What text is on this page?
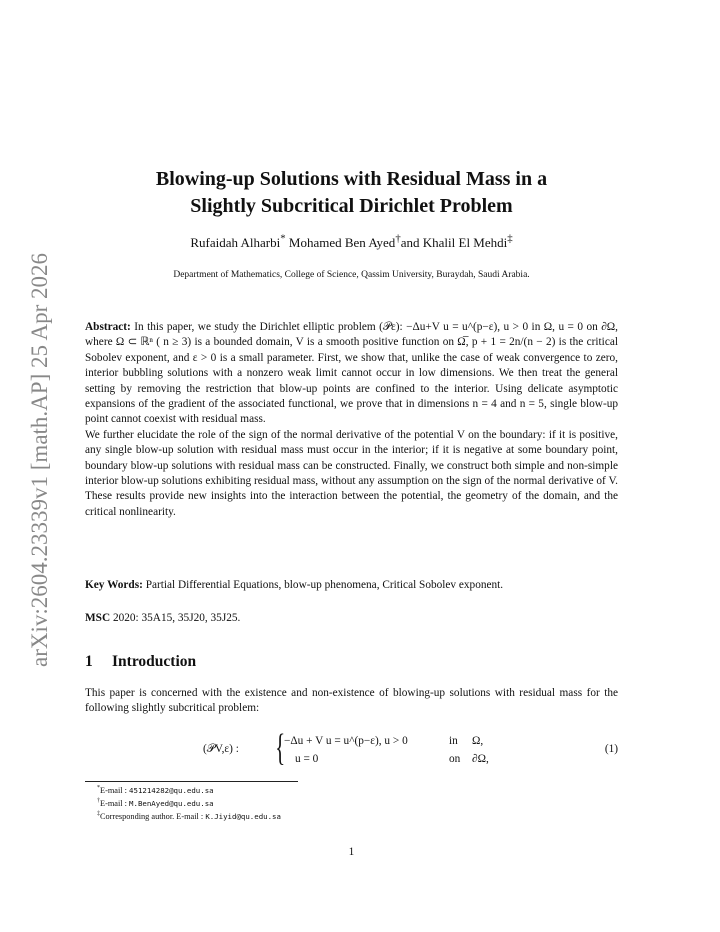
arXiv:2604.23339v1 [math.AP] 25 Apr 2026
Blowing-up Solutions with Residual Mass in a
Slightly Subcritical Dirichlet Problem
Rufaidah Alharbi* Mohamed Ben Ayed†and Khalil El Mehdi‡
Department of Mathematics, College of Science, Qassim University, Buraydah, Saudi Arabia.

Abstract: In this paper, we study the Dirichlet elliptic problem (𝒫ε): −Δu+V u = u^(p−ε), u > 0 in Ω, u = 0 on ∂Ω, where Ω ⊂ ℝⁿ ( n ≥ 3) is a bounded domain, V is a smooth positive function on Ω̅, p + 1 = 2n/(n − 2) is the critical Sobolev exponent, and ε > 0 is a small parameter. First, we show that, unlike the case of weak convergence to zero, interior bubbling solutions with a nonzero weak limit cannot occur in low dimensions. We then treat the general setting by removing the restriction that blow-up points are confined to the interior. Using delicate asymptotic expansions of the gradient of the associated functional, we prove that in dimensions n = 4 and n = 5, single blow-up point cannot coexist with residual mass.

We further elucidate the role of the sign of the normal derivative of the potential V on the boundary: if it is positive, any single blow-up solution with residual mass must occur in the interior; if it is negative at some boundary point, boundary blow-up solutions with residual mass can be constructed. Finally, we construct both simple and non-simple interior blow-up solutions exhibiting residual mass, without any assumption on the sign of the normal derivative of V. These results provide new insights into the interaction between the potential, the geometry of the domain, and the critical nonlinearity.

Key Words: Partial Differential Equations, blow-up phenomena, Critical Sobolev exponent.
MSC 2020: 35A15, 35J20, 35J25.
1 Introduction
This paper is concerned with the existence and non-existence of blowing-up solutions with residual mass for the following slightly subcritical problem:
(𝒫V,ε) : {
−Δu + V u = u^(p−ε), u > 0
u = 0
in
on
Ω,
∂Ω,
(1)
*E-mail : 451214282@qu.edu.sa
†E-mail : M.BenAyed@qu.edu.sa
‡Corresponding author. E-mail : K.Jiyid@qu.edu.sa
1
